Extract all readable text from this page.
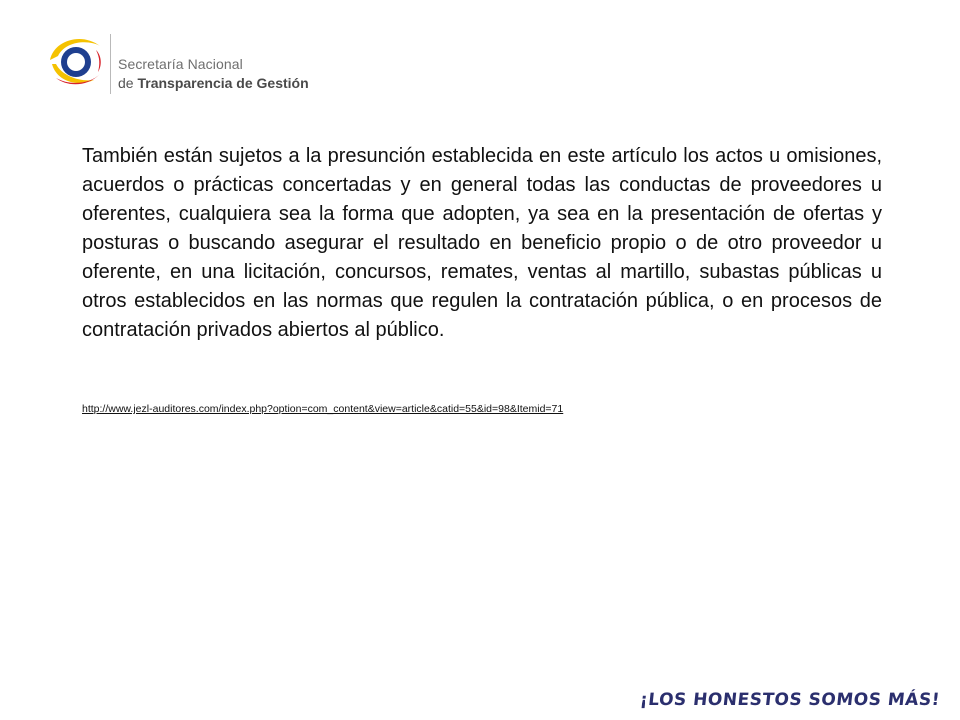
Secretaría Nacional
de Transparencia de Gestión

También están sujetos a la presunción establecida en este artículo los actos u omisiones, acuerdos o prácticas concertadas y en general todas las conductas de proveedores u oferentes, cualquiera sea la forma que adopten, ya sea en la presentación de ofertas y posturas o buscando asegurar el resultado en beneficio propio o de otro proveedor u oferente, en una licitación, concursos, remates, ventas al martillo, subastas públicas u otros establecidos en las normas que regulen la contratación pública, o en procesos de contratación privados abiertos al público.

http://www.jezl-auditores.com/index.php?option=com_content&view=article&catid=55&id=98&Itemid=71
¡LOS HONESTOS SOMOS MÁS!
